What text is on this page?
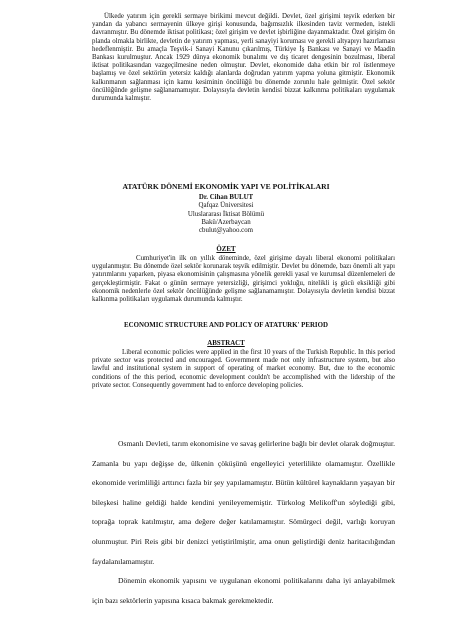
Ülkede yatırım için gerekli sermaye birikimi mevcut değildi. Devlet, özel girişimi teşvik ederken bir yandan da yabancı sermayenin ülkeye girişi konusunda, bağımsızlık ilkesinden taviz vermeden, istekli davranmıştır. Bu dönemde iktisat politikası; özel girişim ve devlet işbirliğine dayanmaktadır. Özel girişim ön planda olmakla birlikte, devletin de yatırım yapması, yerli sanayiyi koruması ve gerekli altyapıyı hazırlaması hedeflenmiştir. Bu amaçla Teşvik-i Sanayi Kanunu çıkarılmış, Türkiye İş Bankası ve Sanayi ve Maadin Bankası kurulmuştur. Ancak 1929 dünya ekonomik bunalımı ve dış ticaret dengesinin bozulması, liberal iktisat politikasından vazgeçilmesine neden olmuştur. Devlet, ekonomide daha etkin bir rol üstlenmeye başlamış ve özel sektörün yetersiz kaldığı alanlarda doğrudan yatırım yapma yoluna gitmiştir. Ekonomik kalkınmanın sağlanması için kamu kesiminin öncülüğü bu dönemde zorunlu hale gelmiştir. Özel sektör öncülüğünde gelişme sağlanamamıştır. Dolayısıyla devletin kendisi bizzat kalkınma politikaları uygulamak durumunda kalmıştır.
ATATÜRK DÖNEMİ EKONOMİK YAPI VE POLİTİKALARI
Dr. Cihan BULUT
Qafqaz Üniversitesi
Uluslararası İktisat Bölümü
Bakü/Azerbaycan
cbulut@yahoo.com
ÖZET
Cumhuriyet'in ilk on yıllık döneminde, özel girişime dayalı liberal ekonomi politikaları uygulanmıştır. Bu dönemde özel sektör korunarak teşvik edilmiştir. Devlet bu dönemde, bazı önemli alt yapı yatırımlarını yaparken, piyasa ekonomisinin çalışmasına yönelik gerekli yasal ve kurumsal düzenlemeleri de gerçekleştirmiştir. Fakat o günün sermaye yetersizliği, girişimci yokluğu, nitelikli iş gücü eksikliği gibi ekonomik nedenlerle özel sektör öncülüğünde gelişme sağlanamamıştır. Dolayısıyla devletin kendisi bizzat kalkınma politikaları uygulamak durumunda kalmıştır.
ECONOMIC STRUCTURE AND POLICY OF ATATURK' PERIOD
ABSTRACT
Liberal economic policies were applied in the first 10 years of the Turkish Republic. In this period private sector was protected and encouraged. Government made not only infrastructure system, but also lawful and institutional system in support of operating of market economy. But, due to the economic conditions of the this period, economic development couldn't be accomplished with the lidership of the private sector. Consequently government had to enforce developing policies.

Osmanlı Devleti, tarım ekonomisine ve savaş gelirlerine bağlı bir devlet olarak doğmuştur. Zamanla bu yapı değişse de, ülkenin çöküşünü engelleyici yeterlilikte olamamıştır. Özellikle ekonomide verimliliği arttırıcı fazla bir şey yapılamamıştır. Bütün kültürel kaynakların yaşayan bir bileşkesi haline geldiği halde kendini yenileyememiştir. Türkolog Melikoff'un söylediği gibi, toprağa toprak katılmıştır, ama değere değer katılamamıştır. Sömürgeci değil, varlığı koruyan olunmuştur. Piri Reis gibi bir denizci yetiştirilmiştir, ama onun geliştirdiği deniz haritacılığından faydalanılamamıştır.

Dönemin ekonomik yapısını ve uygulanan ekonomi politikalarını daha iyi anlayabilmek için bazı sektörlerin yapısına kısaca bakmak gerekmektedir.
